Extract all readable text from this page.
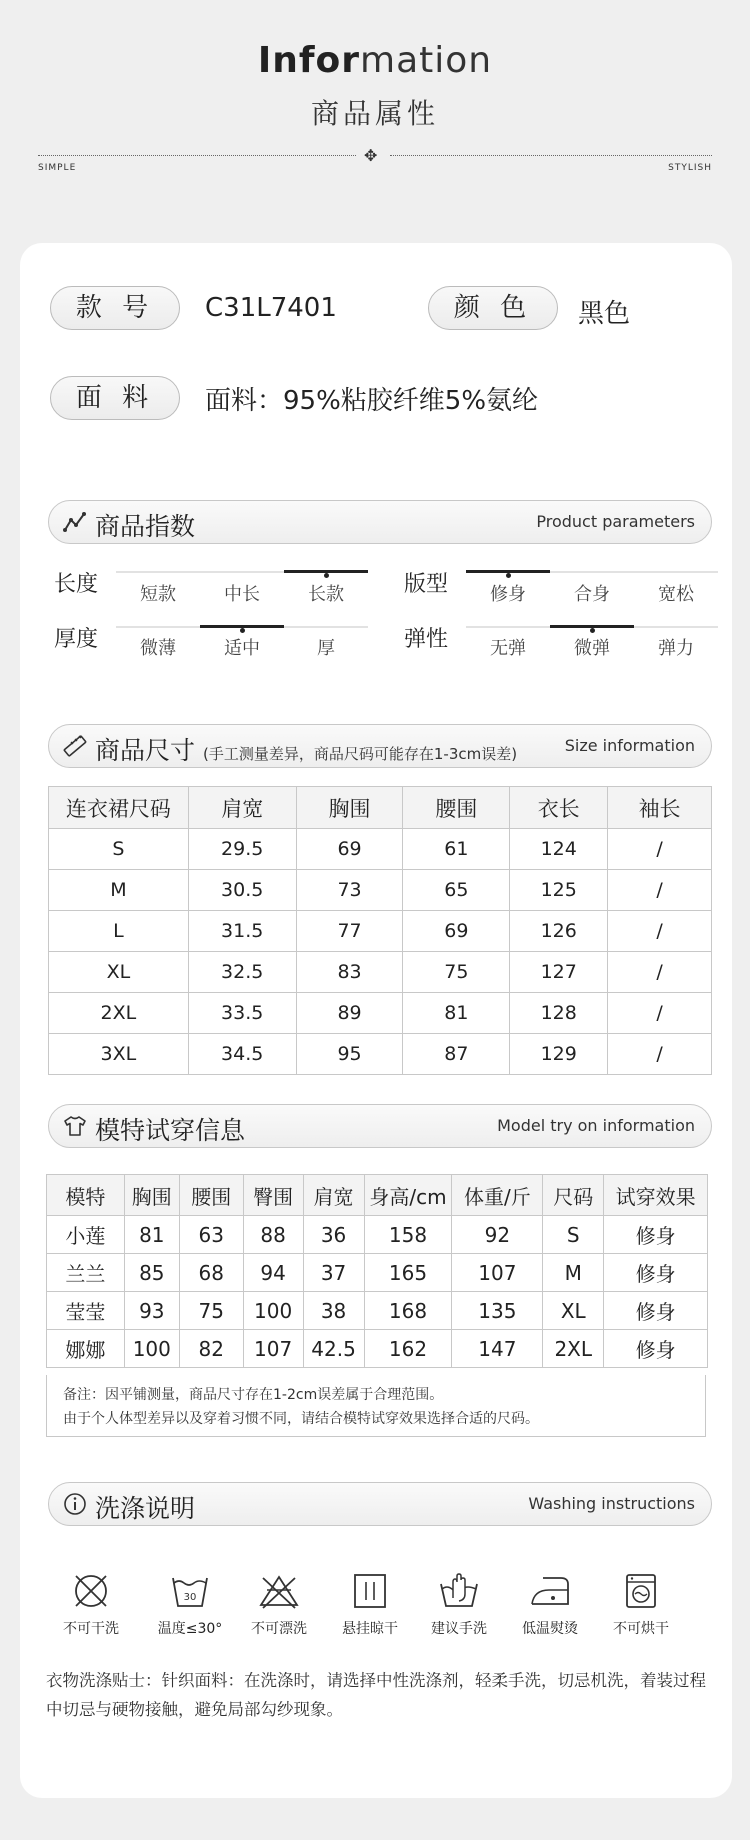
Information
商品属性
✥
SIMPLE	STYLISH
款 号	C31L7401	颜 色	黑色
面 料	面料：95%粘胶纤维5%氨纶
商品指数	Product parameters
长度	短款	中长	长款	版型	修身	合身	宽松
厚度	微薄	适中	厚	弹性	无弹	微弹	弹力
商品尺寸 (手工测量差异，商品尺码可能存在1-3cm误差)	Size information
连衣裙尺码	肩宽	胸围	腰围	衣长	袖长
S	29.5	69	61	124	/
M	30.5	73	65	125	/
L	31.5	77	69	126	/
XL	32.5	83	75	127	/
2XL	33.5	89	81	128	/
3XL	34.5	95	87	129	/
模特试穿信息	Model try on information
模特	胸围	腰围	臀围	肩宽	身高/cm	体重/斤	尺码	试穿效果
小莲	81	63	88	36	158	92	S	修身
兰兰	85	68	94	37	165	107	M	修身
莹莹	93	75	100	38	168	135	XL	修身
娜娜	100	82	107	42.5	162	147	2XL	修身
备注：因平铺测量，商品尺寸存在1-2cm误差属于合理范围。
由于个人体型差异以及穿着习惯不同，请结合模特试穿效果选择合适的尺码。
洗涤说明	Washing instructions
不可干洗
30
温度≤30°	不可漂洗	悬挂晾干	建议手洗	低温熨烫	不可烘干
衣物洗涤贴士：针织面料：在洗涤时，请选择中性洗涤剂，轻柔手洗，切忌机洗，着装过程中切忌与硬物接触，避免局部勾纱现象。
